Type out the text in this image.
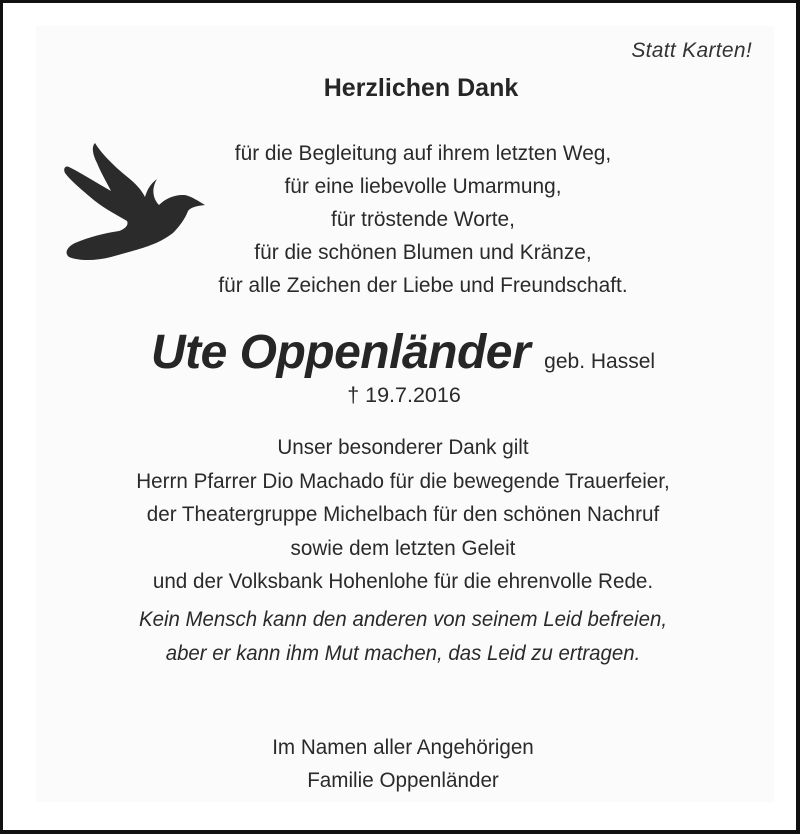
Statt Karten!
Herzlichen Dank
für die Begleitung auf ihrem letzten Weg,
für eine liebevolle Umarmung,
für tröstende Worte,
für die schönen Blumen und Kränze,
für alle Zeichen der Liebe und Freundschaft.
Ute Oppenländer geb. Hassel
† 19.7.2016
Unser besonderer Dank gilt
Herrn Pfarrer Dio Machado für die bewegende Trauerfeier,
der Theatergruppe Michelbach für den schönen Nachruf
sowie dem letzten Geleit
und der Volksbank Hohenlohe für die ehrenvolle Rede.
Kein Mensch kann den anderen von seinem Leid befreien,
aber er kann ihm Mut machen, das Leid zu ertragen.
Im Namen aller Angehörigen
Familie Oppenländer
